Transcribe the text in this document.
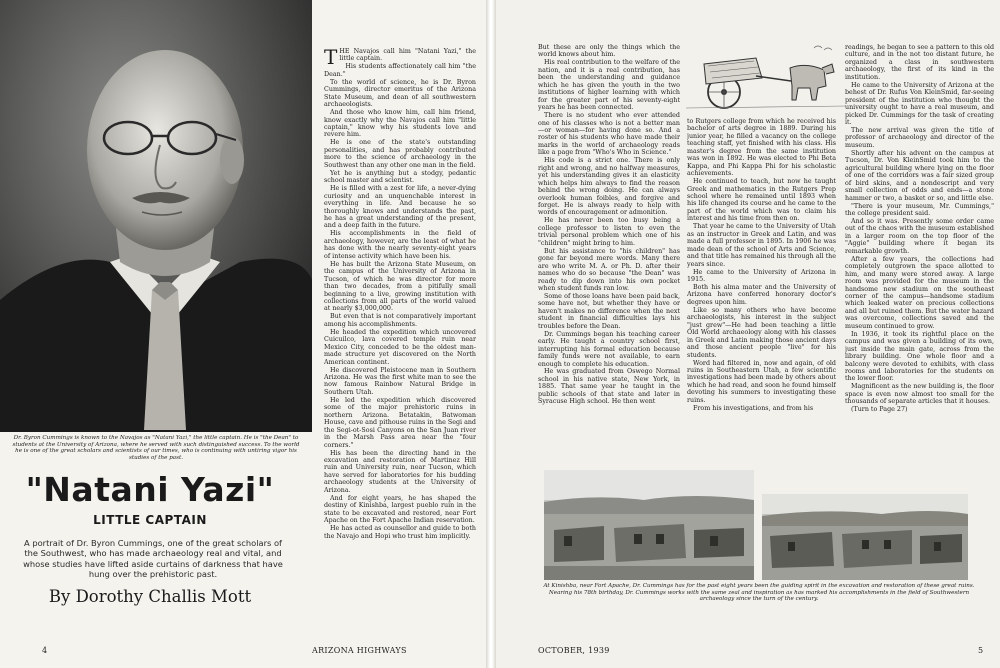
Dr. Byron Cummings is known to the Navajos as "Natani Yazi," the little captain. He is "the Dean" to students at the University of Arizona, where he served with such distinguished success. To the world he is one of the great scholars and scientists of our times, who is continuing with untiring vigor his studies of the past.
"Natani Yazi"
LITTLE CAPTAIN
A portrait of Dr. Byron Cummings, one of the great scholars of the Southwest, who has made archaeology real and vital, and whose studies have lifted aside curtains of darkness that have hung over the prehistoric past.
By Dorothy Challis Mott

THE Navajos call him "Natani Yazi," the little captain.

His students affectionately call him "the Dean."

To the world of science, he is Dr. Byron Cummings, director emeritus of the Arizona State Museum, and dean of all southwestern archaeologists.

And those who know him, call him friend, know exactly why the Navajos call him "little captain," know why his students love and revere him.

He is one of the state's outstanding personalities, and has probably contributed more to the science of archaeology in the Southwest than any other one man in the field.

Yet he is anything but a stodgy, pedantic school master and scientist.

He is filled with a zest for life, a never-dying curiosity and an unquenchable interest in everything in life. And because he so thoroughly knows and understands the past, he has a great understanding of the present, and a deep faith in the future.

His accomplishments in the field of archaeology, however, are the least of what he has done with the nearly seventy-eight years of intense activity which have been his.

He has built the Arizona State Museum, on the campus of the University of Arizona in Tucson, of which he was director for more than two decades, from a pitifully small beginning to a live, growing institution with collections from all parts of the world valued at nearly $3,000,000.

But even that is not comparatively important among his accomplishments.

He headed the expedition which uncovered Cuicuilco, lava covered temple ruin near Mexico City, conceded to be the oldest man-made structure yet discovered on the North American continent.

He discovered Pleistocene man in Southern Arizona. He was the first white man to see the now famous Rainbow Natural Bridge in Southern Utah.

He led the expedition which discovered some of the major prehistoric ruins in northern Arizona. Betatakin, Batwoman House, cave and pithouse ruins in the Segi and the Segi-ot-Sosi Canyons on the San Juan river in the Marsh Pass area near the "four corners."

His has been the directing hand in the excavation and restoration of Martinez Hill ruin and University ruin, near Tucson, which have served for laboratories for his budding archaeology students at the University of Arizona.

And for eight years, he has shaped the destiny of Kinishba, largest pueblo ruin in the state to be excavated and restored, near Fort Apache on the Fort Apache Indian reservation.

He has acted as counsellor and guide to both the Navajo and Hopi who trust him implicitly.

4	ARIZONA HIGHWAYS

But these are only the things which the world knows about him.

His real contribution to the welfare of the nation, and it is a real contribution, has been the understanding and guidance which he has given the youth in the two institutions of higher learning with which for the greater part of his seventy-eight years he has been connected.

There is no student who ever attended one of his classes who is not a better man —or woman—for having done so. And a roster of his students who have made their marks in the world of archaeology reads like a page from "Who's Who in Science."

His code is a strict one. There is only right and wrong, and no halfway measures, yet his understanding gives it an elasticity which helps him always to find the reason behind the wrong doing. He can always overlook human foibles, and forgive and forget. He is always ready to help with words of encouragement or admonition.

He has never been too busy being a college professor to listen to even the trivial personal problem which one of his "children" might bring to him.

But his assistance to "his children" has gone far beyond mere words. Many there are who write M. A. or Ph. D. after their names who do so because "the Dean" was ready to dip down into his own pocket when student funds ran low.

Some of those loans have been paid back, some have not, but whether they have or haven't makes no difference when the next student in financial difficulties lays his troubles before the Dean.

Dr. Cummings began his teaching career early. He taught a country school first, interrupting his formal education because family funds were not available, to earn enough to complete his education.

He was graduated from Oswego Normal school in his native state, New York, in 1885. That same year he taught in the public schools of that state and later in Syracuse High school. He then went

to Rutgers college from which he received his bachelor of arts degree in 1889. During his junior year, he filled a vacancy on the college teaching staff, yet finished with his class. His master's degree from the same institution was won in 1892. He was elected to Phi Beta Kappa, and Phi Kappa Phi for his scholastic achievements.

He continued to teach, but now he taught Greek and mathematics in the Rutgers Prep school where he remained until 1893 when his life changed its course and he came to the part of the world which was to claim his interest and his time from then on.

That year he came to the University of Utah as an instructor in Greek and Latin, and was made a full professor in 1895. In 1906 he was made dean of the school of Arts and Science, and that title has remained his through all the years since.

He came to the University of Arizona in 1915.

Both his alma mater and the University of Arizona have conferred honorary doctor's degrees upon him.

Like so many others who have become archaeologists, his interest in the subject "just grew"—He had been teaching a little Old World archaeology along with his classes in Greek and Latin making those ancient days and those ancient people "live" for his students.

Word had filtered in, now and again, of old ruins in Southeastern Utah, a few scientific investigations had been made by others about which he had read, and soon he found himself devoting his summers to investigating these ruins.

From his investigations, and from his

readings, he began to see a pattern to this old culture, and in the not too distant future, he organized a class in southwestern archaeology, the first of its kind in the institution.

He came to the University of Arizona at the behest of Dr. Rufus Von KleinSmid, far-seeing president of the institution who thought the university ought to have a real museum, and picked Dr. Cummings for the task of creating it.

The new arrival was given the title of professor of archaeology and director of the museum.

Shortly after his advent on the campus at Tucson, Dr. Von KleinSmid took him to the agricultural building where lying on the floor of one of the corridors was a fair sized group of bird skins, and a nondescript and very small collection of odds and ends—a stone hammer or two, a basket or so, and little else.

"There is your museum, Mr. Cummings," the college president said.

And so it was. Presently some order came out of the chaos with the museum established in a larger room on the top floor of the "Aggie" building where it began its remarkable growth.

After a few years, the collections had completely outgrown the space allotted to him, and many were stored away. A large room was provided for the museum in the handsome new stadium on the southeast corner of the campus—handsome stadium which leaked water on precious collections and all but ruined them. But the water hazard was overcome, collections saved and the museum continued to grow.

In 1936, it took its rightful place on the campus and was given a building of its own, just inside the main gate, across from the library building. One whole floor and a balcony were devoted to exhibits, with class rooms and laboratories for the students on the lower floor.

Magnificent as the new building is, the floor space is even now almost too small for the thousands of separate articles that it houses.

(Turn to Page 27)

At Kinishba, near Fort Apache, Dr. Cummings has for the past eight years been the guiding spirit in the excavation and restoration of these great ruins. Nearing his 78th birthday, Dr. Cummings works with the same zeal and inspiration as has marked his accomplishments in the field of Southwestern archaeology since the turn of the century.
OCTOBER, 1939	5
